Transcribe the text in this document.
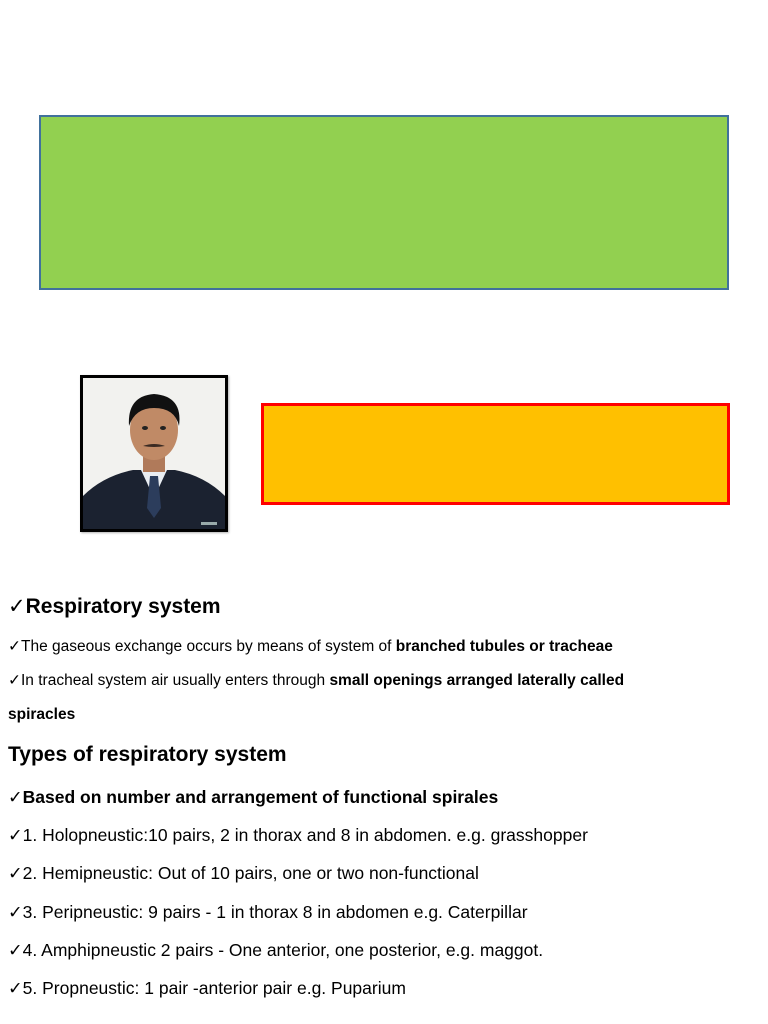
✓Respiratory system
✓The gaseous exchange occurs by means of system of branched tubules or tracheae
✓In tracheal system air usually enters through small openings arranged laterally called
spiracles
Types of respiratory system
✓Based on number and arrangement of functional spirales
✓1. Holopneustic:10 pairs, 2 in thorax and 8 in abdomen. e.g. grasshopper
✓2. Hemipneustic: Out of 10 pairs, one or two non-functional
✓3. Peripneustic: 9 pairs - 1 in thorax 8 in abdomen e.g. Caterpillar
✓4. Amphipneustic 2 pairs - One anterior, one posterior, e.g. maggot.
✓5. Propneustic: 1 pair -anterior pair e.g. Puparium
